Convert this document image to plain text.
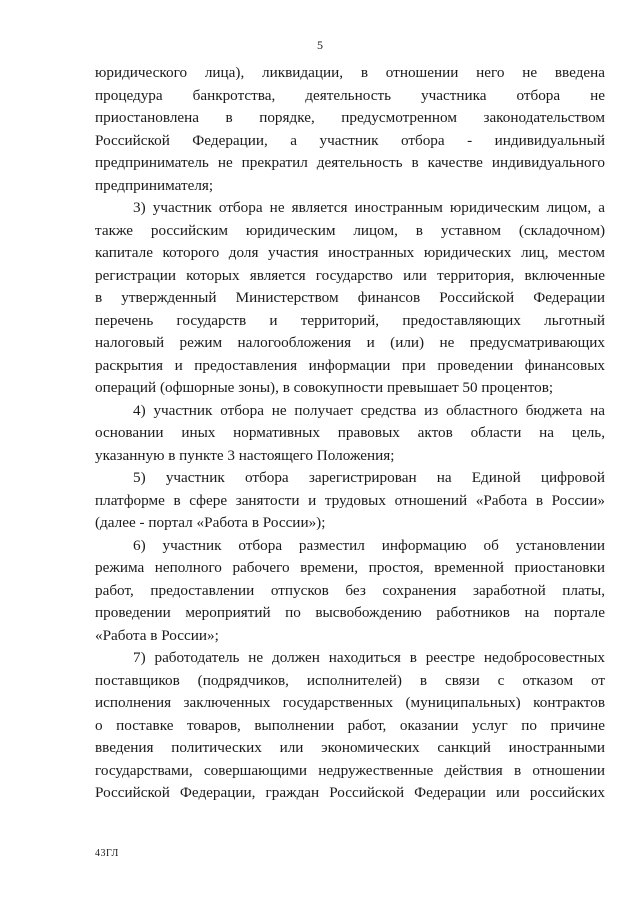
5
юридического лица), ликвидации, в отношении него не введена
процедура банкротства, деятельность участника отбора не
приостановлена в порядке, предусмотренном законодательством
Российской Федерации, а участник отбора - индивидуальный
предприниматель не прекратил деятельность в качестве индивидуального
предпринимателя;
3) участник отбора не является иностранным юридическим лицом, а
также российским юридическим лицом, в уставном (складочном)
капитале которого доля участия иностранных юридических лиц, местом
регистрации которых является государство или территория, включенные
в утвержденный Министерством финансов Российской Федерации
перечень государств и территорий, предоставляющих льготный
налоговый режим налогообложения и (или) не предусматривающих
раскрытия и предоставления информации при проведении финансовых
операций (офшорные зоны), в совокупности превышает 50 процентов;
4) участник отбора не получает средства из областного бюджета на
основании иных нормативных правовых актов области на цель,
указанную в пункте 3 настоящего Положения;
5) участник отбора зарегистрирован на Единой цифровой
платформе в сфере занятости и трудовых отношений «Работа в России»
(далее - портал «Работа в России»);
6) участник отбора разместил информацию об установлении
режима неполного рабочего времени, простоя, временной приостановки
работ, предоставлении отпусков без сохранения заработной платы,
проведении мероприятий по высвобождению работников на портале
«Работа в России»;
7) работодатель не должен находиться в реестре недобросовестных
поставщиков (подрядчиков, исполнителей) в связи с отказом от
исполнения заключенных государственных (муниципальных) контрактов
о поставке товаров, выполнении работ, оказании услуг по причине
введения политических или экономических санкций иностранными
государствами, совершающими недружественные действия в отношении
Российской Федерации, граждан Российской Федерации или российских
43ГЛ
